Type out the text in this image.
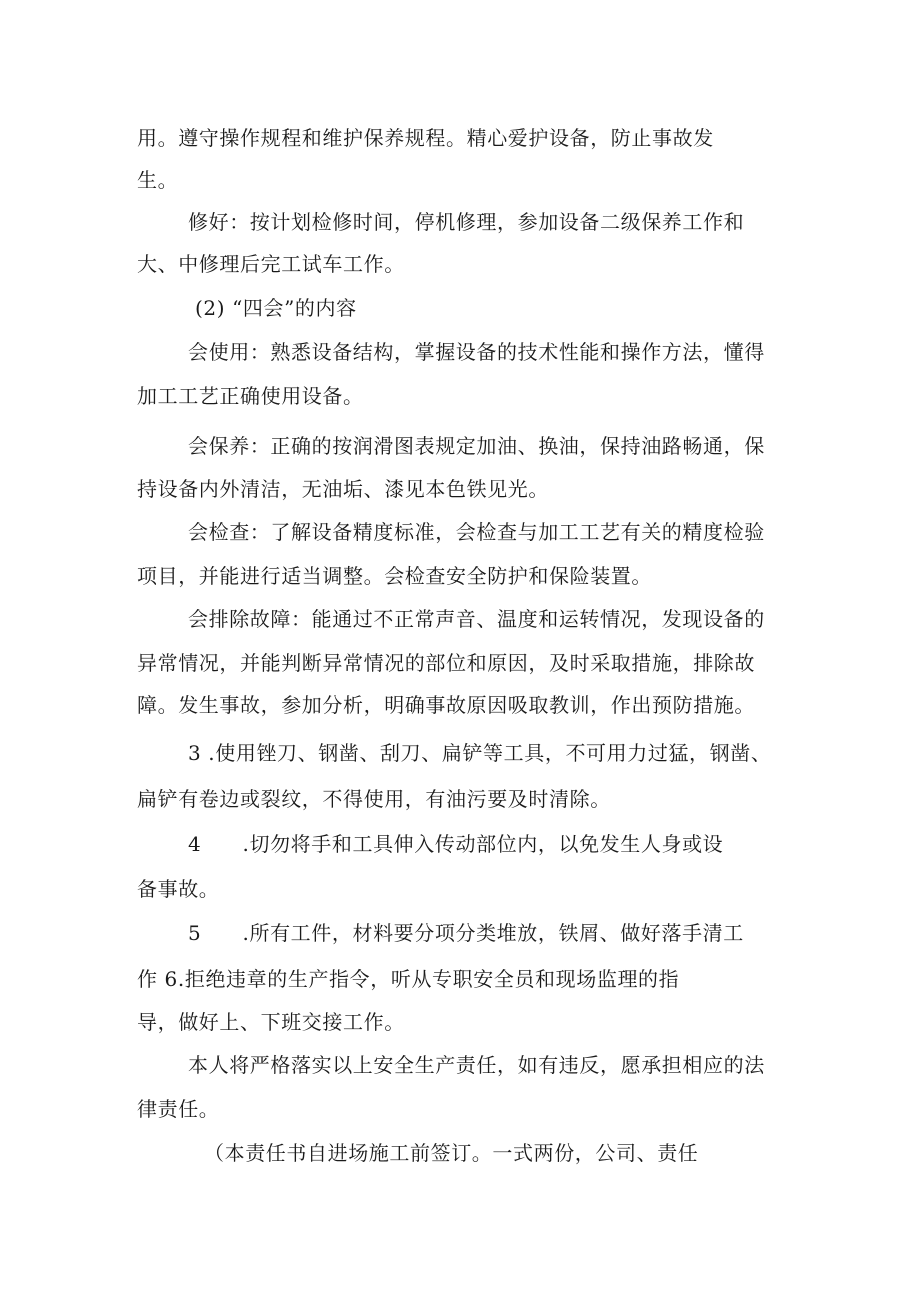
用。遵守操作规程和维护保养规程。精心爱护设备，防止事故发
生。
修好：按计划检修时间，停机修理，参加设备二级保养工作和
大、中修理后完工试车工作。
(2) “四会”的内容
会使用：熟悉设备结构，掌握设备的技术性能和操作方法，懂得
加工工艺正确使用设备。
会保养：正确的按润滑图表规定加油、换油，保持油路畅通，保
持设备内外清洁，无油垢、漆见本色铁见光。
会检查：了解设备精度标准，会检查与加工工艺有关的精度检验
项目，并能进行适当调整。会检查安全防护和保险装置。
会排除故障：能通过不正常声音、温度和运转情况，发现设备的
异常情况，并能判断异常情况的部位和原因，及时采取措施，排除故
障。发生事故，参加分析，明确事故原因吸取教训，作出预防措施。
3 .使用锉刀、钢凿、刮刀、扁铲等工具，不可用力过猛，钢凿、
扁铲有卷边或裂纹，不得使用，有油污要及时清除。
4　　.切勿将手和工具伸入传动部位内，以免发生人身或设
备事故。
5　　.所有工件，材料要分项分类堆放，铁屑、做好落手清工
作 6.拒绝违章的生产指令，听从专职安全员和现场监理的指
导，做好上、下班交接工作。
本人将严格落实以上安全生产责任，如有违反，愿承担相应的法
律责任。
（本责任书自进场施工前签订。一式两份，公司、责任
